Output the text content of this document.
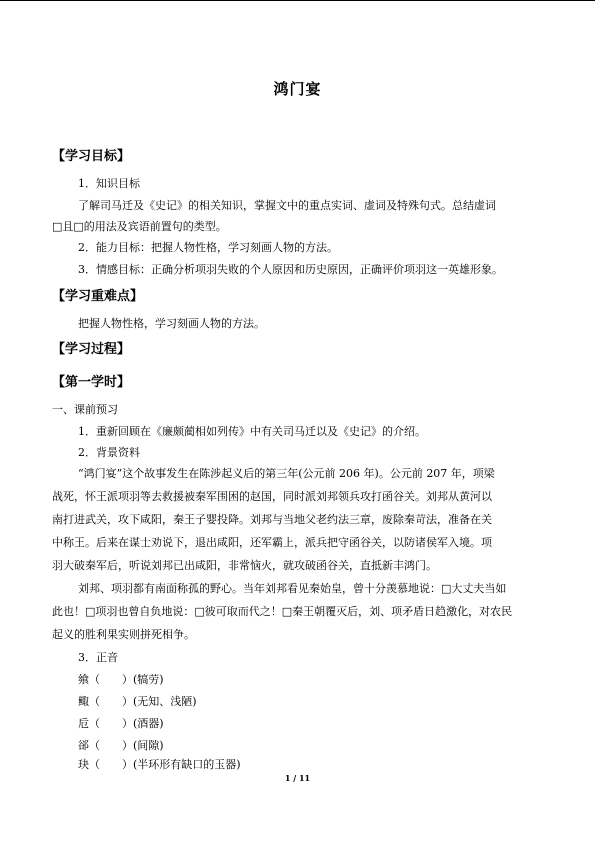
鸿门宴
【学习目标】
1．知识目标
了解司马迁及《史记》的相关知识，掌握文中的重点实词、虚词及特殊句式。总结虚词
□且□的用法及宾语前置句的类型。
2．能力目标：把握人物性格，学习刻画人物的方法。
3．情感目标：正确分析项羽失败的个人原因和历史原因，正确评价项羽这一英雄形象。
【学习重难点】
把握人物性格，学习刻画人物的方法。
【学习过程】
【第一学时】
一、课前预习
1．重新回顾在《廉颇蔺相如列传》中有关司马迁以及《史记》的介绍。
2．背景资料
“鸿门宴”这个故事发生在陈涉起义后的第三年(公元前 206 年)。公元前 207 年，项梁
战死，怀王派项羽等去救援被秦军围困的赵国，同时派刘邦领兵攻打函谷关。刘邦从黄河以
南打进武关，攻下咸阳，秦王子婴投降。刘邦与当地父老约法三章，废除秦苛法，准备在关
中称王。后来在谋士劝说下，退出咸阳，还军霸上，派兵把守函谷关，以防诸侯军入境。项
羽大破秦军后，听说刘邦已出咸阳，非常恼火，就攻破函谷关，直抵新丰鸿门。
刘邦、项羽都有南面称孤的野心。当年刘邦看见秦始皇，曾十分羡慕地说：□大丈夫当如
此也！□项羽也曾自负地说：□彼可取而代之！□秦王朝覆灭后，刘、项矛盾日趋激化，对农民
起义的胜利果实则拼死相争。
3．正音
飨（ ）(犒劳)
鲰（ ）(无知、浅陋)
卮（ ）(酒器)
郤（ ）(间隙)
玦（ ）(半环形有缺口的玉器)
1 / 11
